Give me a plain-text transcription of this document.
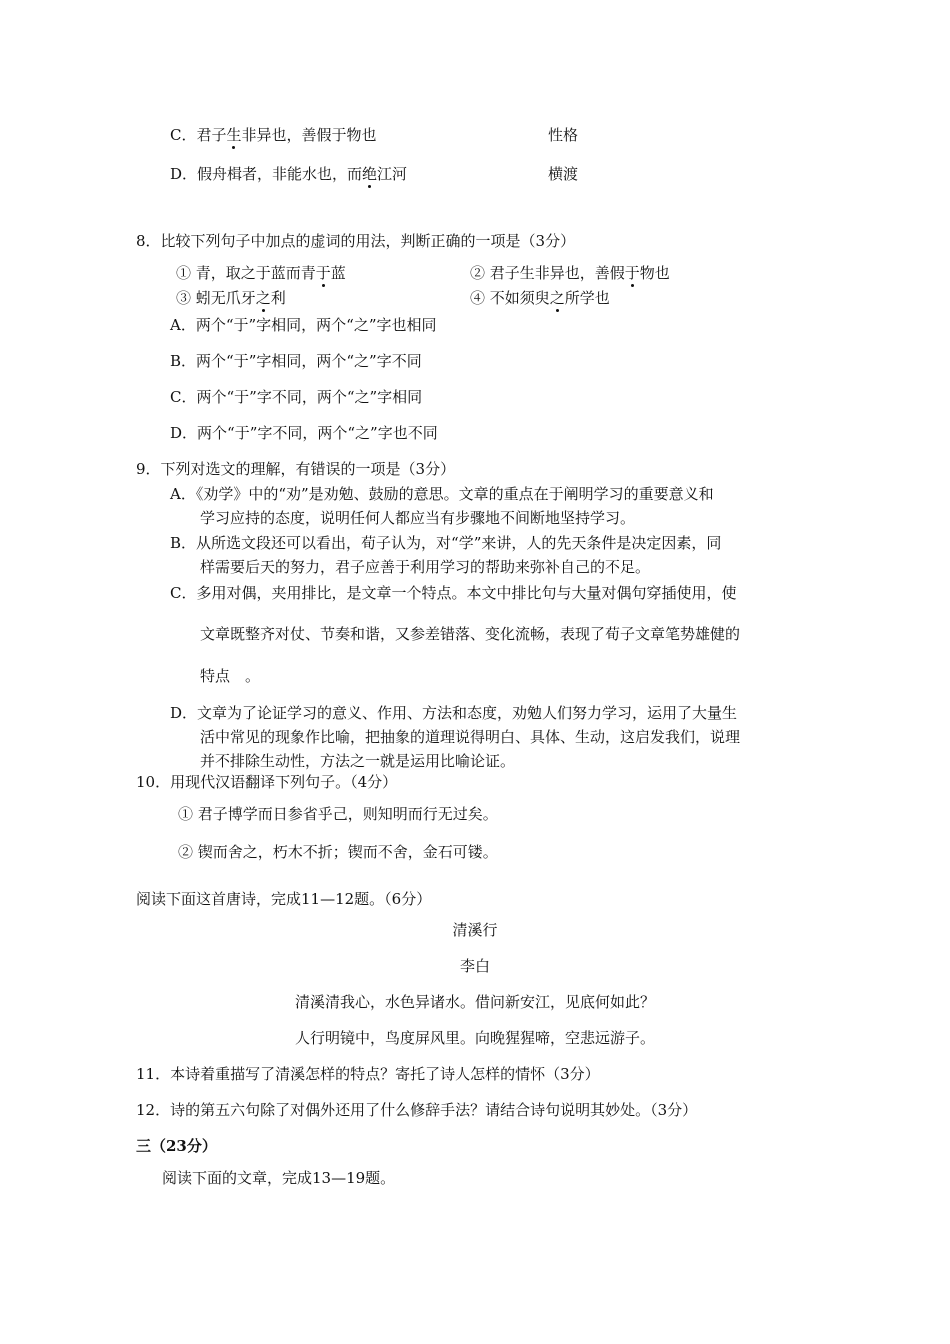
C．君子生非异也，善假于物也	性格
D．假舟楫者，非能水也，而绝江河	横渡
8．比较下列句子中加点的虚词的用法，判断正确的一项是（3分）
① 青，取之于蓝而青于蓝	② 君子生非异也，善假于物也
③ 蚓无爪牙之利	④ 不如须臾之所学也
A．两个“于”字相同，两个“之”字也相同
B．两个“于”字相同，两个“之”字不同
C．两个“于”字不同，两个“之”字相同
D．两个“于”字不同，两个“之”字也不同
9．下列对选文的理解，有错误的一项是（3分）
A．《劝学》中的“劝”是劝勉、鼓励的意思。文章的重点在于阐明学习的重要意义和
学习应持的态度，说明任何人都应当有步骤地不间断地坚持学习。
B．从所选文段还可以看出，荀子认为，对“学”来讲，人的先天条件是决定因素，同
样需要后天的努力，君子应善于利用学习的帮助来弥补自己的不足。
C．多用对偶，夹用排比，是文章一个特点。本文中排比句与大量对偶句穿插使用，使
文章既整齐对仗、节奏和谐，又参差错落、变化流畅，表现了荀子文章笔势雄健的
特点　。
D．文章为了论证学习的意义、作用、方法和态度，劝勉人们努力学习，运用了大量生
活中常见的现象作比喻，把抽象的道理说得明白、具体、生动，这启发我们，说理
并不排除生动性，方法之一就是运用比喻论证。
10．用现代汉语翻译下列句子。（4分）
① 君子博学而日参省乎己，则知明而行无过矣。
② 锲而舍之，朽木不折；锲而不舍，金石可镂。
阅读下面这首唐诗，完成11—12题。（6分）
清溪行
李白
清溪清我心，水色异诸水。借问新安江，见底何如此？
人行明镜中，鸟度屏风里。向晚猩猩啼，空悲远游子。
11．本诗着重描写了清溪怎样的特点？寄托了诗人怎样的情怀（3分）
12．诗的第五六句除了对偶外还用了什么修辞手法？请结合诗句说明其妙处。（3分）
三（23分）
阅读下面的文章，完成13—19题。
